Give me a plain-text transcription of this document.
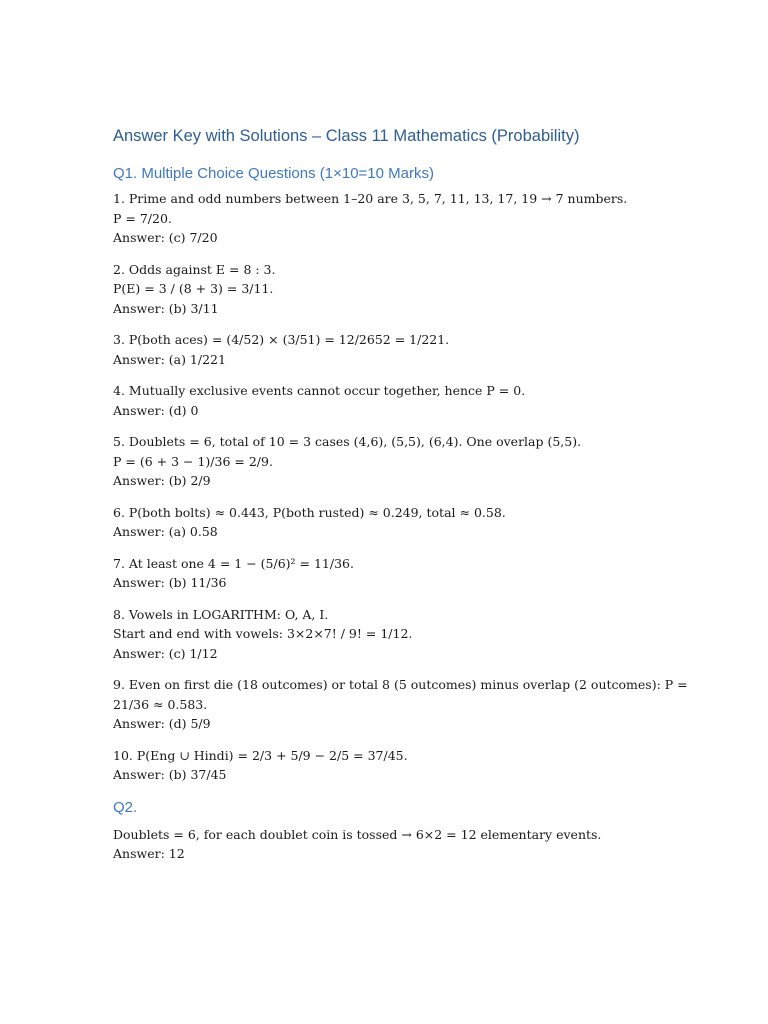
Answer Key with Solutions – Class 11 Mathematics (Probability)
Q1. Multiple Choice Questions (1×10=10 Marks)

1. Prime and odd numbers between 1–20 are 3, 5, 7, 11, 13, 17, 19 → 7 numbers.

P = 7/20.

Answer: (c) 7/20

2. Odds against E = 8 : 3.

P(E) = 3 / (8 + 3) = 3/11.

Answer: (b) 3/11

3. P(both aces) = (4/52) × (3/51) = 12/2652 = 1/221.

Answer: (a) 1/221

4. Mutually exclusive events cannot occur together, hence P = 0.

Answer: (d) 0

5. Doublets = 6, total of 10 = 3 cases (4,6), (5,5), (6,4). One overlap (5,5).

P = (6 + 3 − 1)/36 = 2/9.

Answer: (b) 2/9

6. P(both bolts) ≈ 0.443, P(both rusted) ≈ 0.249, total ≈ 0.58.

Answer: (a) 0.58

7. At least one 4 = 1 − (5/6)² = 11/36.

Answer: (b) 11/36

8. Vowels in LOGARITHM: O, A, I.

Start and end with vowels: 3×2×7! / 9! = 1/12.

Answer: (c) 1/12

9. Even on first die (18 outcomes) or total 8 (5 outcomes) minus overlap (2 outcomes): P =

21/36 ≈ 0.583.

Answer: (d) 5/9

10. P(Eng ∪ Hindi) = 2/3 + 5/9 − 2/5 = 37/45.

Answer: (b) 37/45

Q2.

Doublets = 6, for each doublet coin is tossed → 6×2 = 12 elementary events.

Answer: 12
